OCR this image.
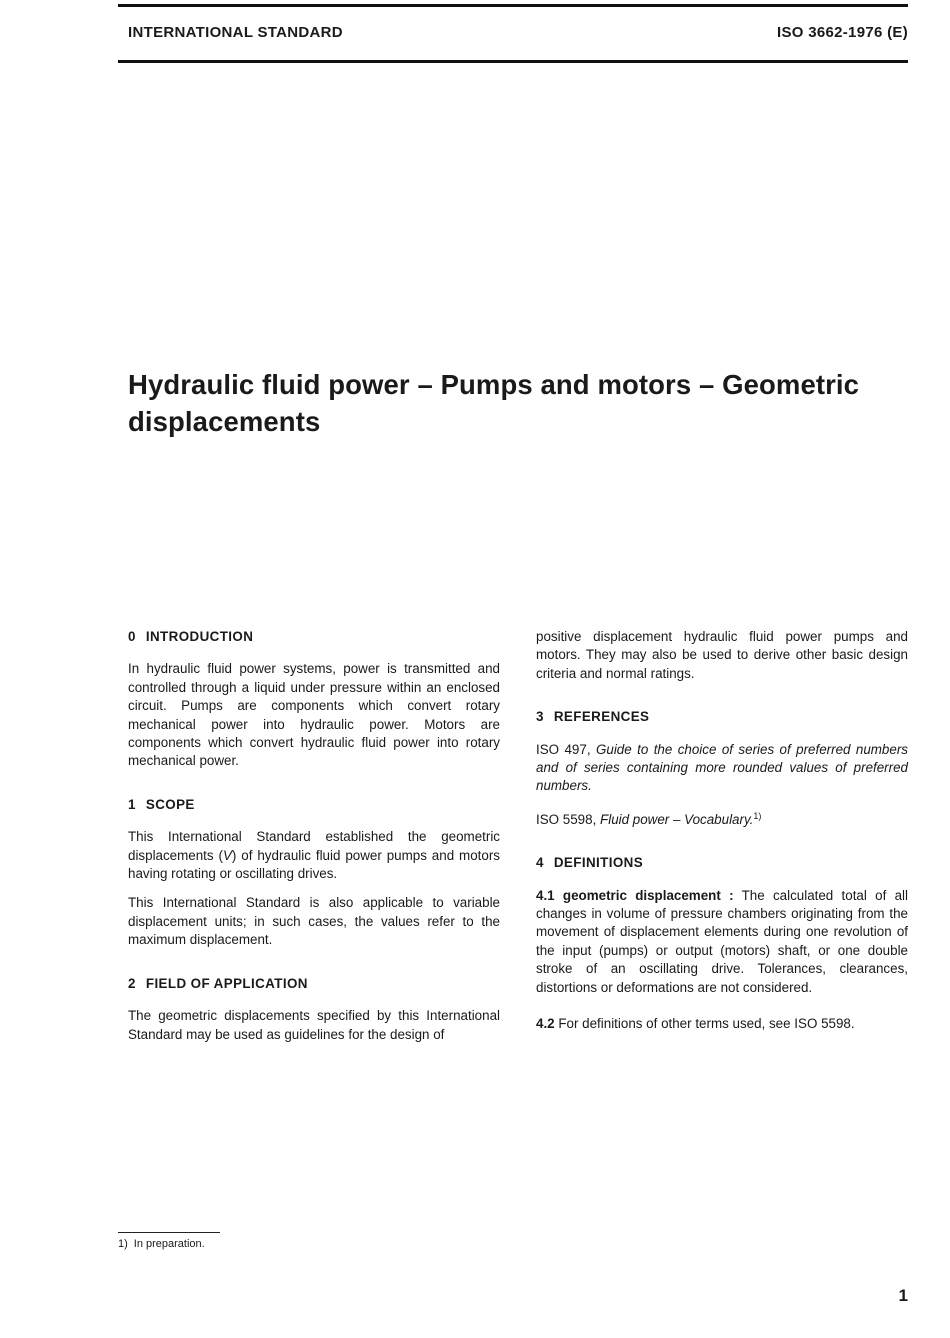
INTERNATIONAL STANDARD	ISO 3662-1976 (E)
Hydraulic fluid power – Pumps and motors – Geometric displacements
0 INTRODUCTION

In hydraulic fluid power systems, power is transmitted and controlled through a liquid under pressure within an enclosed circuit. Pumps are components which convert rotary mechanical power into hydraulic power. Motors are components which convert hydraulic fluid power into rotary mechanical power.

1 SCOPE

This International Standard established the geometric displacements (V) of hydraulic fluid power pumps and motors having rotating or oscillating drives.

This International Standard is also applicable to variable displacement units; in such cases, the values refer to the maximum displacement.

2 FIELD OF APPLICATION

The geometric displacements specified by this International Standard may be used as guidelines for the design of

positive displacement hydraulic fluid power pumps and motors. They may also be used to derive other basic design criteria and normal ratings.

3 REFERENCES

ISO 497, Guide to the choice of series of preferred numbers and of series containing more rounded values of preferred numbers.

ISO 5598, Fluid power – Vocabulary.$^{1)}$

4 DEFINITIONS

4.1 geometric displacement : The calculated total of all changes in volume of pressure chambers originating from the movement of displacement elements during one revolution of the input (pumps) or output (motors) shaft, or one double stroke of an oscillating drive. Tolerances, clearances, distortions or deformations are not considered.

4.2 For definitions of other terms used, see ISO 5598.

1) In preparation.
1
